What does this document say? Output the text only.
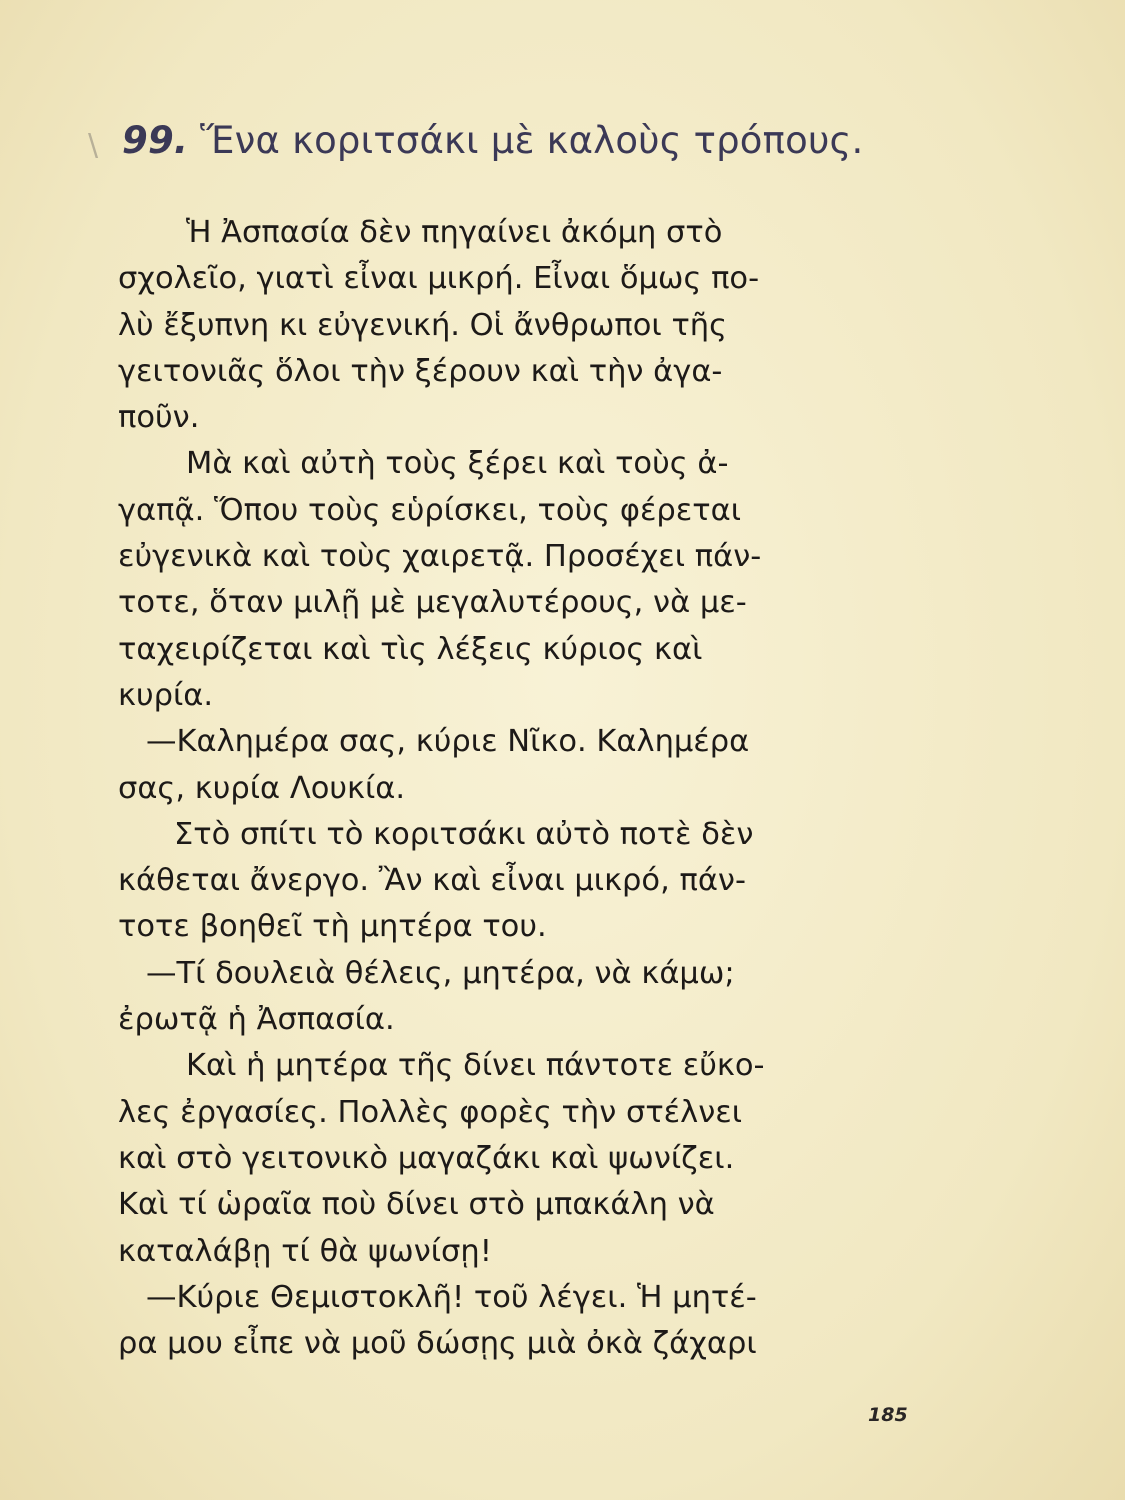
\ 99. Ἕνα κοριτσάκι μὲ καλοὺς τρόπους.
Ἡ Ἀσπασία δὲν πηγαίνει ἀκόμη στὸ
σχολεῖο, γιατὶ εἶναι μικρή. Εἶναι ὅμως πο-
λὺ ἔξυπνη κι εὐγενική. Οἱ ἄνθρωποι τῆς
γειτονιᾶς ὅλοι τὴν ξέρουν καὶ τὴν ἀγα-
ποῦν.
Μὰ καὶ αὐτὴ τοὺς ξέρει καὶ τοὺς ἀ-
γαπᾷ. Ὅπου τοὺς εὑρίσκει, τοὺς φέρεται
εὐγενικὰ καὶ τοὺς χαιρετᾷ. Προσέχει πάν-
τοτε, ὅταν μιλῇ μὲ μεγαλυτέρους, νὰ με-
ταχειρίζεται καὶ τὶς λέξεις κύριος καὶ
κυρία.
—Καλημέρα σας, κύριε Νῖκο. Καλημέρα
σας, κυρία Λουκία.
Στὸ σπίτι τὸ κοριτσάκι αὐτὸ ποτὲ δὲν
κάθεται ἄνεργο. Ἂν καὶ εἶναι μικρό, πάν-
τοτε βοηθεῖ τὴ μητέρα του.
—Τί δουλειὰ θέλεις, μητέρα, νὰ κάμω;
ἐρωτᾷ ἡ Ἀσπασία.
Καὶ ἡ μητέρα τῆς δίνει πάντοτε εὔκο-
λες ἐργασίες. Πολλὲς φορὲς τὴν στέλνει
καὶ στὸ γειτονικὸ μαγαζάκι καὶ ψωνίζει.
Καὶ τί ὡραῖα ποὺ δίνει στὸ μπακάλη νὰ
καταλάβῃ τί θὰ ψωνίσῃ!
—Κύριε Θεμιστοκλῆ! τοῦ λέγει. Ἡ μητέ-
ρα μου εἶπε νὰ μοῦ δώσῃς μιὰ ὀκὰ ζάχαρι
185
